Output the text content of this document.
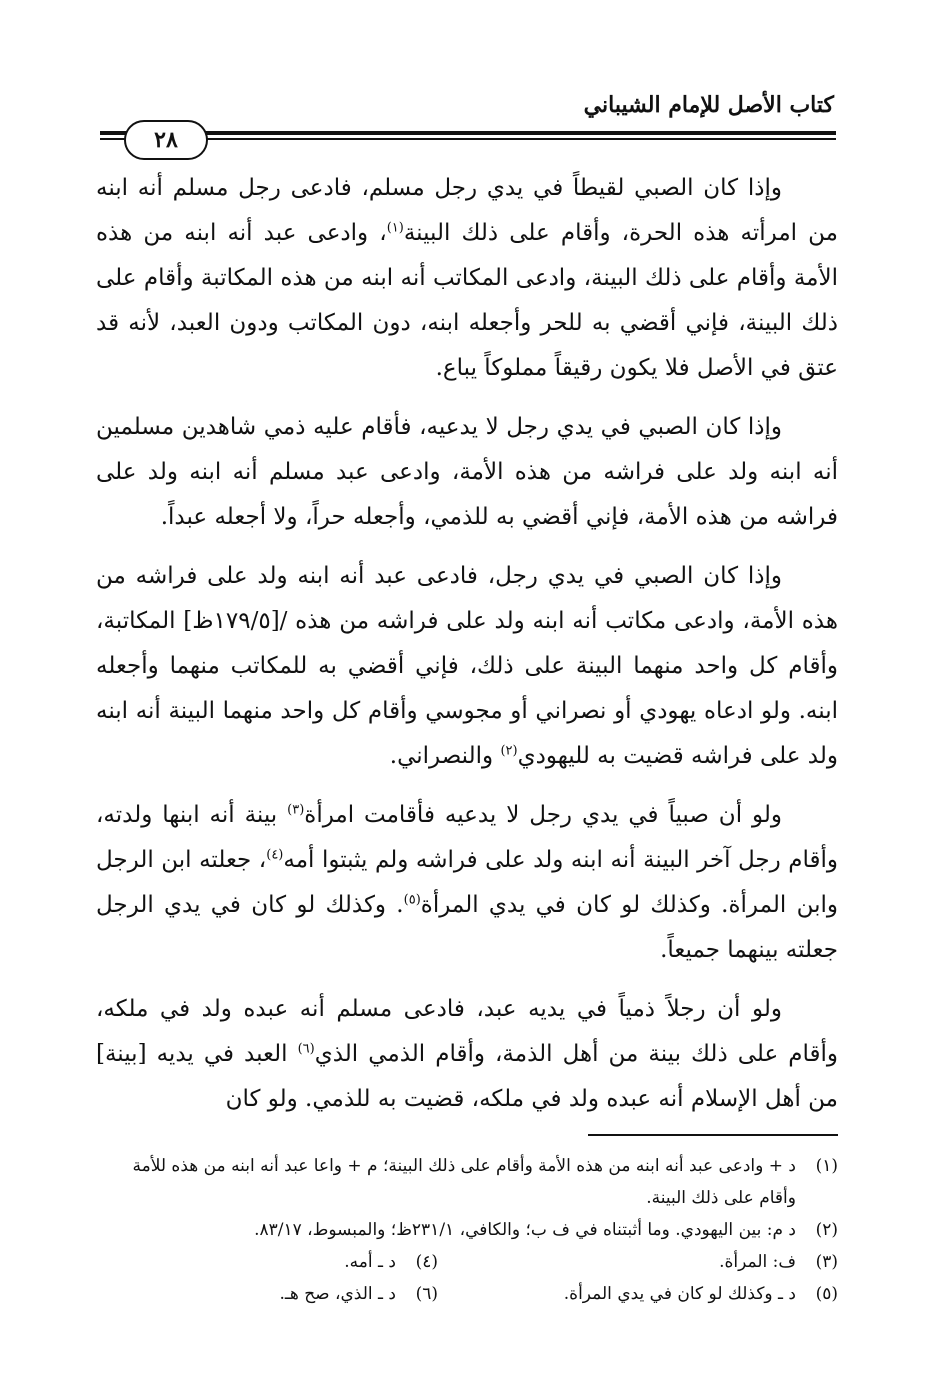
كتاب الأصل للإمام الشيباني
٢٨

وإذا كان الصبي لقيطاً في يدي رجل مسلم، فادعى رجل مسلم أنه ابنه من امرأته هذه الحرة، وأقام على ذلك البينة$^{(١)}$، وادعى عبد أنه ابنه من هذه الأمة وأقام على ذلك البينة، وادعى المكاتب أنه ابنه من هذه المكاتبة وأقام على ذلك البينة، فإني أقضي به للحر وأجعله ابنه، دون المكاتب ودون العبد، لأنه قد عتق في الأصل فلا يكون رقيقاً مملوكاً يباع.

وإذا كان الصبي في يدي رجل لا يدعيه، فأقام عليه ذمي شاهدين مسلمين أنه ابنه ولد على فراشه من هذه الأمة، وادعى عبد مسلم أنه ابنه ولد على فراشه من هذه الأمة، فإني أقضي به للذمي، وأجعله حراً، ولا أجعله عبداً.

وإذا كان الصبي في يدي رجل، فادعى عبد أنه ابنه ولد على فراشه من هذه الأمة، وادعى مكاتب أنه ابنه ولد على فراشه من هذه /[١٧٩/٥ظ] المكاتبة، وأقام كل واحد منهما البينة على ذلك، فإني أقضي به للمكاتب منهما وأجعله ابنه. ولو ادعاه يهودي أو نصراني أو مجوسي وأقام كل واحد منهما البينة أنه ابنه ولد على فراشه قضيت به لليهودي$^{(٢)}$ والنصراني.

ولو أن صبياً في يدي رجل لا يدعيه فأقامت امرأة$^{(٣)}$ بينة أنه ابنها ولدته، وأقام رجل آخر البينة أنه ابنه ولد على فراشه ولم يثبتوا أمه$^{(٤)}$، جعلته ابن الرجل وابن المرأة. وكذلك لو كان في يدي المرأة$^{(٥)}$. وكذلك لو كان في يدي الرجل جعلته بينهما جميعاً.

ولو أن رجلاً ذمياً في يديه عبد، فادعى مسلم أنه عبده ولد في ملكه، وأقام على ذلك بينة من أهل الذمة، وأقام الذمي الذي$^{(٦)}$ العبد في يديه [بينة] من أهل الإسلام أنه عبده ولد في ملكه، قضيت به للذمي. ولو كان

(١)
د + وادعى عبد أنه ابنه من هذه الأمة وأقام على ذلك البينة؛ م + واعا عبد أنه ابنه من هذه للأمة وأقام على ذلك البينة.
(٢)
د م: بين اليهودي. وما أثبتناه في ف ب؛ والكافي، ٢٣١/١ظ؛ والمبسوط، ٨٣/١٧.
(٣)
ف: المرأة.
(٤)
د ـ أمه.
(٥)
د ـ وكذلك لو كان في يدي المرأة.
(٦)
د ـ الذي، صح هـ.
